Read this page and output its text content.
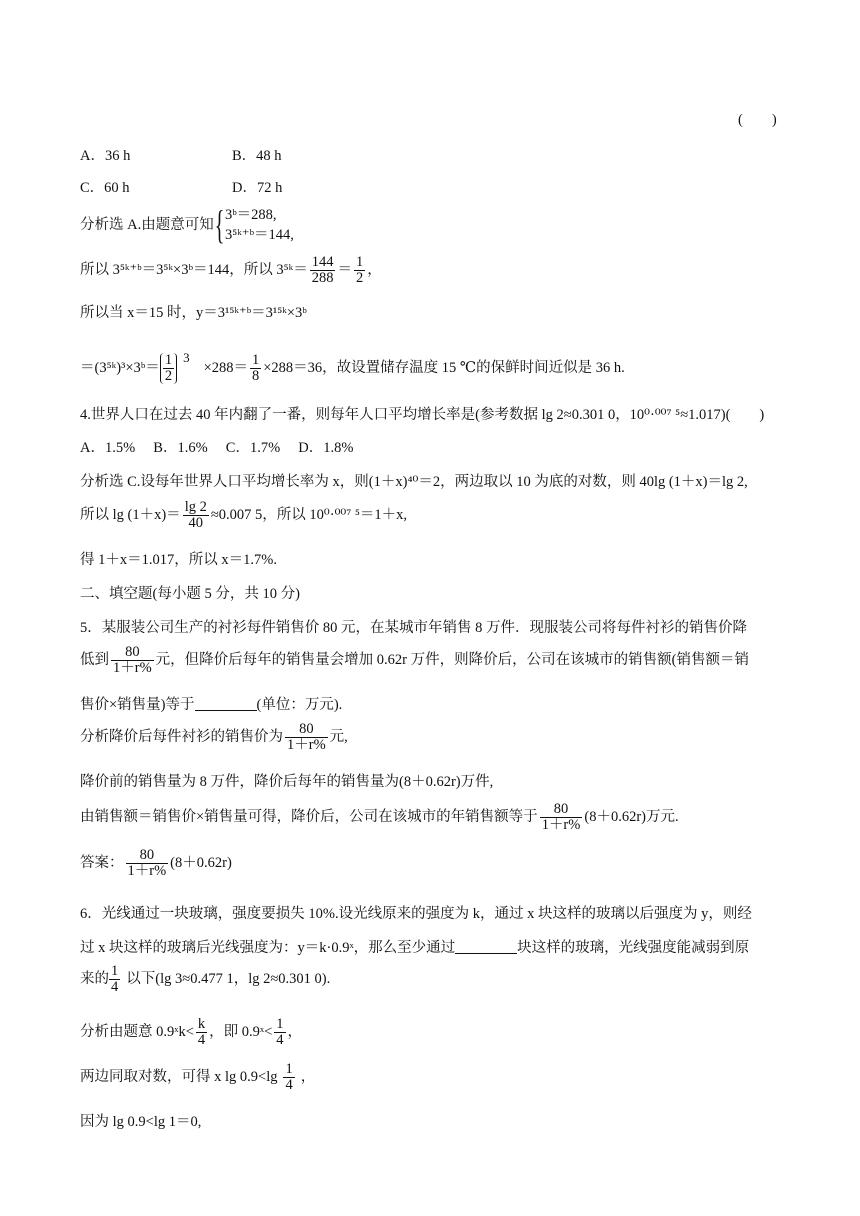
(　　)
A．36 h	B．48 h
C．60 h	D．72 h
分析选 A.由题意可知{ 3ᵇ＝288,
3⁵ᵏ⁺ᵇ＝144,
所以 3⁵ᵏ⁺ᵇ＝3⁵ᵏ×3ᵇ＝144，所以 3⁵ᵏ＝ $\frac{144}{288} = \frac{1}{2}$ ，
所以当 x＝15 时，y＝3¹⁵ᵏ⁺ᵇ＝3¹⁵ᵏ×3ᵇ
＝(3⁵ᵏ)³×3ᵇ＝ $\frac{1}{2} 3\times 288= \frac{1}{8} \times 288=36$，故设置储存温度 15 ℃的保鲜时间近似是 36 h.
4.世界人口在过去 40 年内翻了一番，则每年人口平均增长率是(参考数据 lg 2≈0.301 0，10⁰·⁰⁰⁷ ⁵≈1.017)(　　)
A．1.5%　 B．1.6%　 C．1.7%　 D．1.8%
分析选 C.设每年世界人口平均增长率为 x，则(1＋x)⁴⁰＝2，两边取以 10 为底的对数，则 40lg (1＋x)＝lg 2,
所以 $\lg (1+x)= \frac{\lg 2}{40} \approx 0.007$ 5，所以 10⁰·⁰⁰⁷ ⁵＝1＋x,
得 1＋x＝1.017，所以 x＝1.7%.
二、填空题(每小题 5 分，共 10 分)
5．某服装公司生产的衬衫每件销售价 80 元，在某城市年销售 8 万件．现服装公司将每件衬衫的销售价降
低到 $\frac{80}{1+r\%}$ 元，但降价后每年的销售量会增加 0.62r 万件，则降价后，公司在该城市的销售额(销售额＝销
售价×销售量)等于	(单位：万元).
分析降价后每件衬衫的销售价为 $\frac{80}{1+r\%}$ 元,
降价前的销售量为 8 万件，降价后每年的销售量为(8＋0.62r)万件,
由销售额＝销售价×销售量可得，降价后，公司在该城市的年销售额等于 $\frac{80}{1+r\%} (8+0.62r)$万元.
答案： $\frac{80}{1+r\%} (8+0.62r)$
6．光线通过一块玻璃，强度要损失 10%.设光线原来的强度为 k，通过 x 块这样的玻璃以后强度为 y，则经
过 x 块这样的玻璃后光线强度为：y＝k·0.9ˣ，那么至少通过	块这样的玻璃，光线强度能减弱到原
来的 $\frac{1}{4}$ 以下(lg 3≈0.477 1，lg 2≈0.301 0).
分析由题意 0.9ˣk< $\frac{k}{4}$ ，即 0.9ˣ< $\frac{1}{4}$ ，
两边同取对数，可得 x $\lg 0.9<\lg \frac{1}{4}$ ，
因为 lg 0.9<lg 1＝0,
